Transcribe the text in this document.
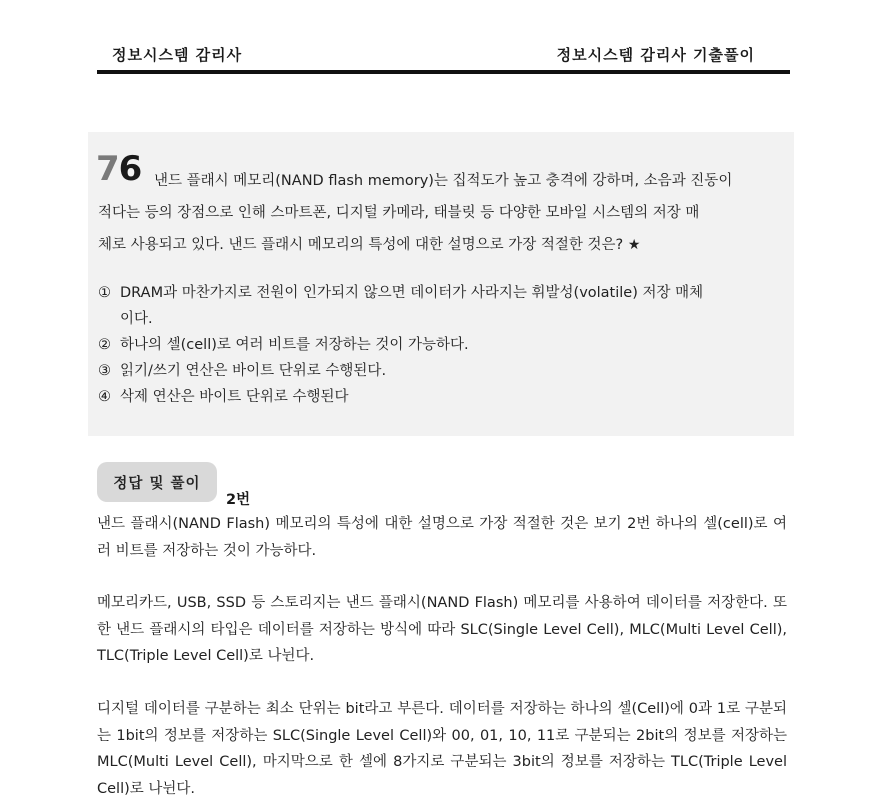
정보시스템 감리사	정보시스템 감리사 기출풀이
76 낸드 플래시 메모리(NAND flash memory)는 집적도가 높고 충격에 강하며, 소음과 진동이
적다는 등의 장점으로 인해 스마트폰, 디지털 카메라, 태블릿 등 다양한 모바일 시스템의 저장 매
체로 사용되고 있다. 낸드 플래시 메모리의 특성에 대한 설명으로 가장 적절한 것은? ★
① DRAM과 마찬가지로 전원이 인가되지 않으면 데이터가 사라지는 휘발성(volatile) 저장 매체
이다.
② 하나의 셀(cell)로 여러 비트를 저장하는 것이 가능하다.
③ 읽기/쓰기 연산은 바이트 단위로 수행된다.
④ 삭제 연산은 바이트 단위로 수행된다
정답 및 풀이
2번

낸드 플래시(NAND Flash) 메모리의 특성에 대한 설명으로 가장 적절한 것은 보기 2번 하나의 셀(cell)로 여러 비트를 저장하는 것이 가능하다.

메모리카드, USB, SSD 등 스토리지는 낸드 플래시(NAND Flash) 메모리를 사용하여 데이터를 저장한다. 또한 낸드 플래시의 타입은 데이터를 저장하는 방식에 따라 SLC(Single Level Cell), MLC(Multi Level Cell), TLC(Triple Level Cell)로 나뉜다.

디지털 데이터를 구분하는 최소 단위는 bit라고 부른다. 데이터를 저장하는 하나의 셀(Cell)에 0과 1로 구분되는 1bit의 정보를 저장하는 SLC(Single Level Cell)와 00, 01, 10, 11로 구분되는 2bit의 정보를 저장하는 MLC(Multi Level Cell), 마지막으로 한 셀에 8가지로 구분되는 3bit의 정보를 저장하는 TLC(Triple Level Cell)로 나뉜다.
